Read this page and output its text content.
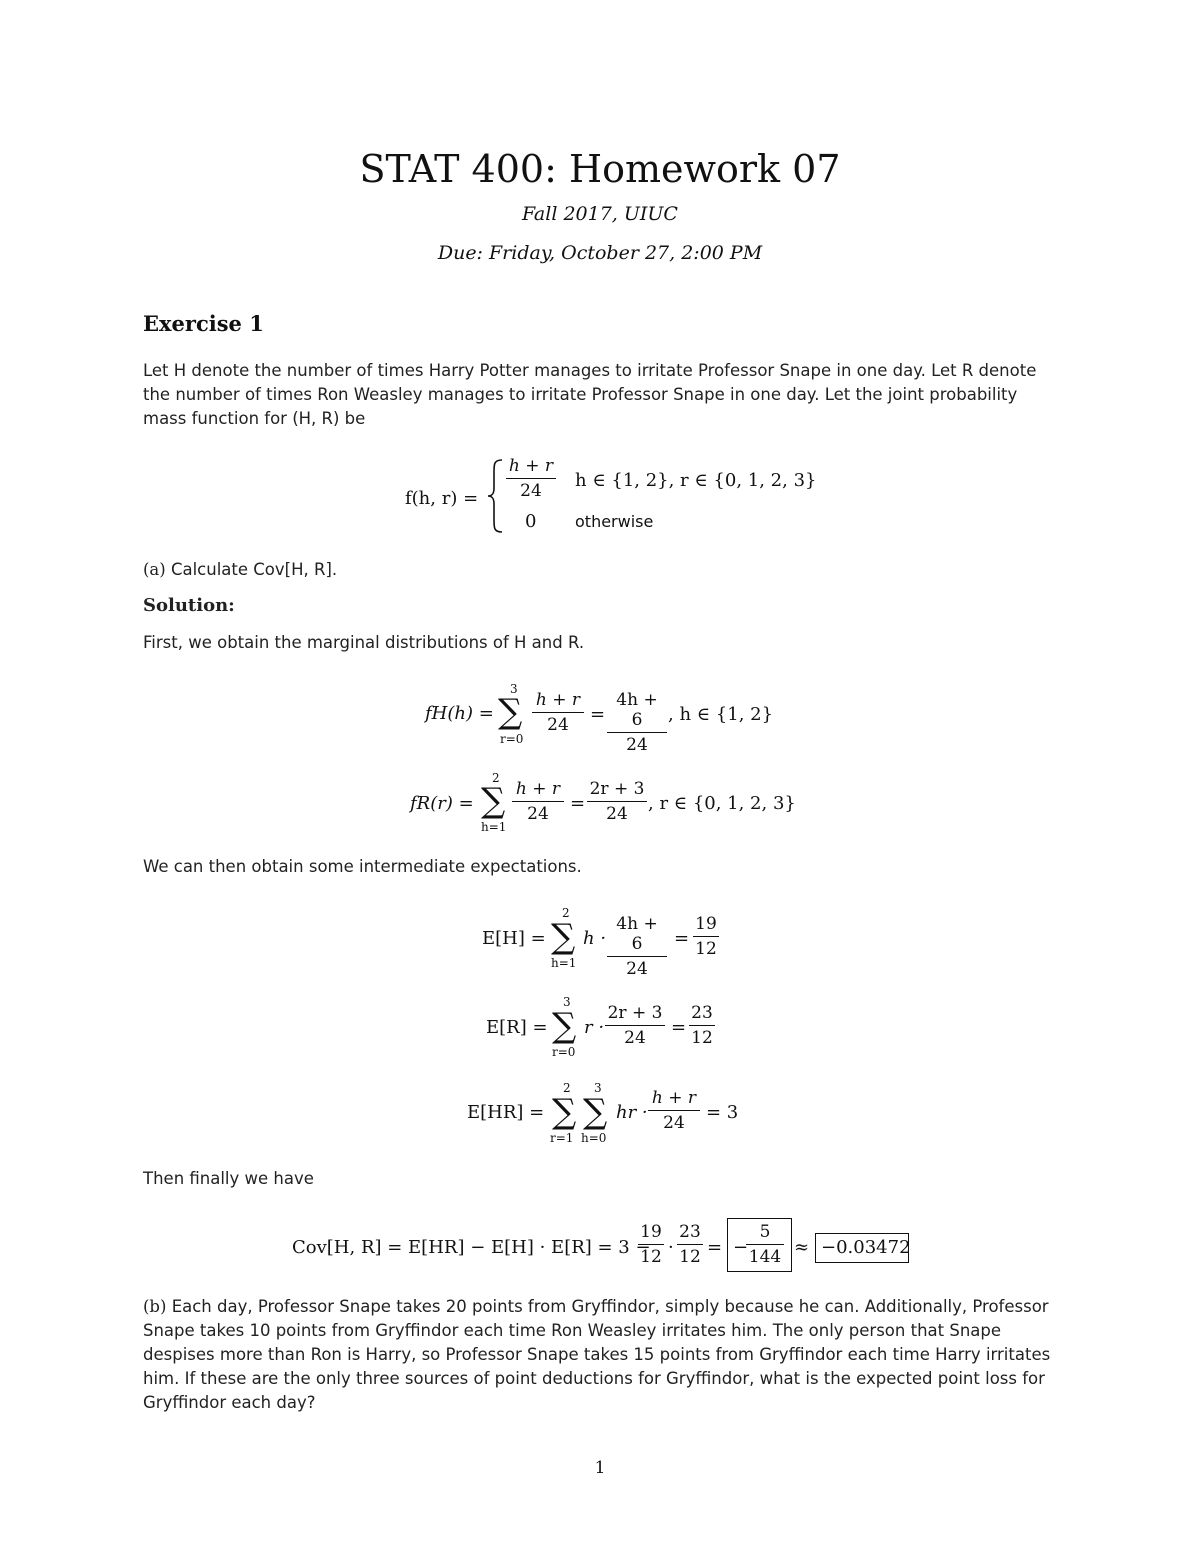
STAT 400: Homework 07
Fall 2017, UIUC
Due: Friday, October 27, 2:00 PM
Exercise 1
Let H denote the number of times Harry Potter manages to irritate Professor Snape in one day. Let R denote the number of times Ron Weasley manages to irritate Professor Snape in one day. Let the joint probability mass function for (H, R) be
f(h, $r) = \frac{h + r}{24}$ h ∈ {1, 2}, r ∈ {0, 1, 2, 3}
0 otherwise
(a) Calculate Cov[H, R].
Solution:
First, we obtain the marginal distributions of H and R.
fH(h) =
3
∑
r=0
$\frac{h + r}{24} = \frac{4h + 6}{24}$ , h ∈ {1, 2}
fR(r) =
2
∑
h=1
$\frac{h + r}{24} = \frac{2r + 3}{24}$ , r ∈ {0, 1, 2, 3}
We can then obtain some intermediate expectations.
E[H] =
2
∑
h=1
$h \cdot \frac{4h + 6}{24} = \frac{19}{12}$
E[R] =
3
∑
r=0
$r \cdot \frac{2r + 3}{24} = \frac{23}{12}$
E[HR] =
2
∑
r=1
3
∑
h=0
hr · $\frac{h + r}{24} = 3$
Then finally we have
Cov[H, R] = E[HR] − E[H] · E[R] = 3 −
$\frac{19}{12} \cdot \frac{23}{12}$ = −
$\frac{5}{144} \approx -0.03472$
(b) Each day, Professor Snape takes 20 points from Gryffindor, simply because he can. Additionally, Professor Snape takes 10 points from Gryffindor each time Ron Weasley irritates him. The only person that Snape despises more than Ron is Harry, so Professor Snape takes 15 points from Gryffindor each time Harry irritates him. If these are the only three sources of point deductions for Gryffindor, what is the expected point loss for Gryffindor each day?
1
